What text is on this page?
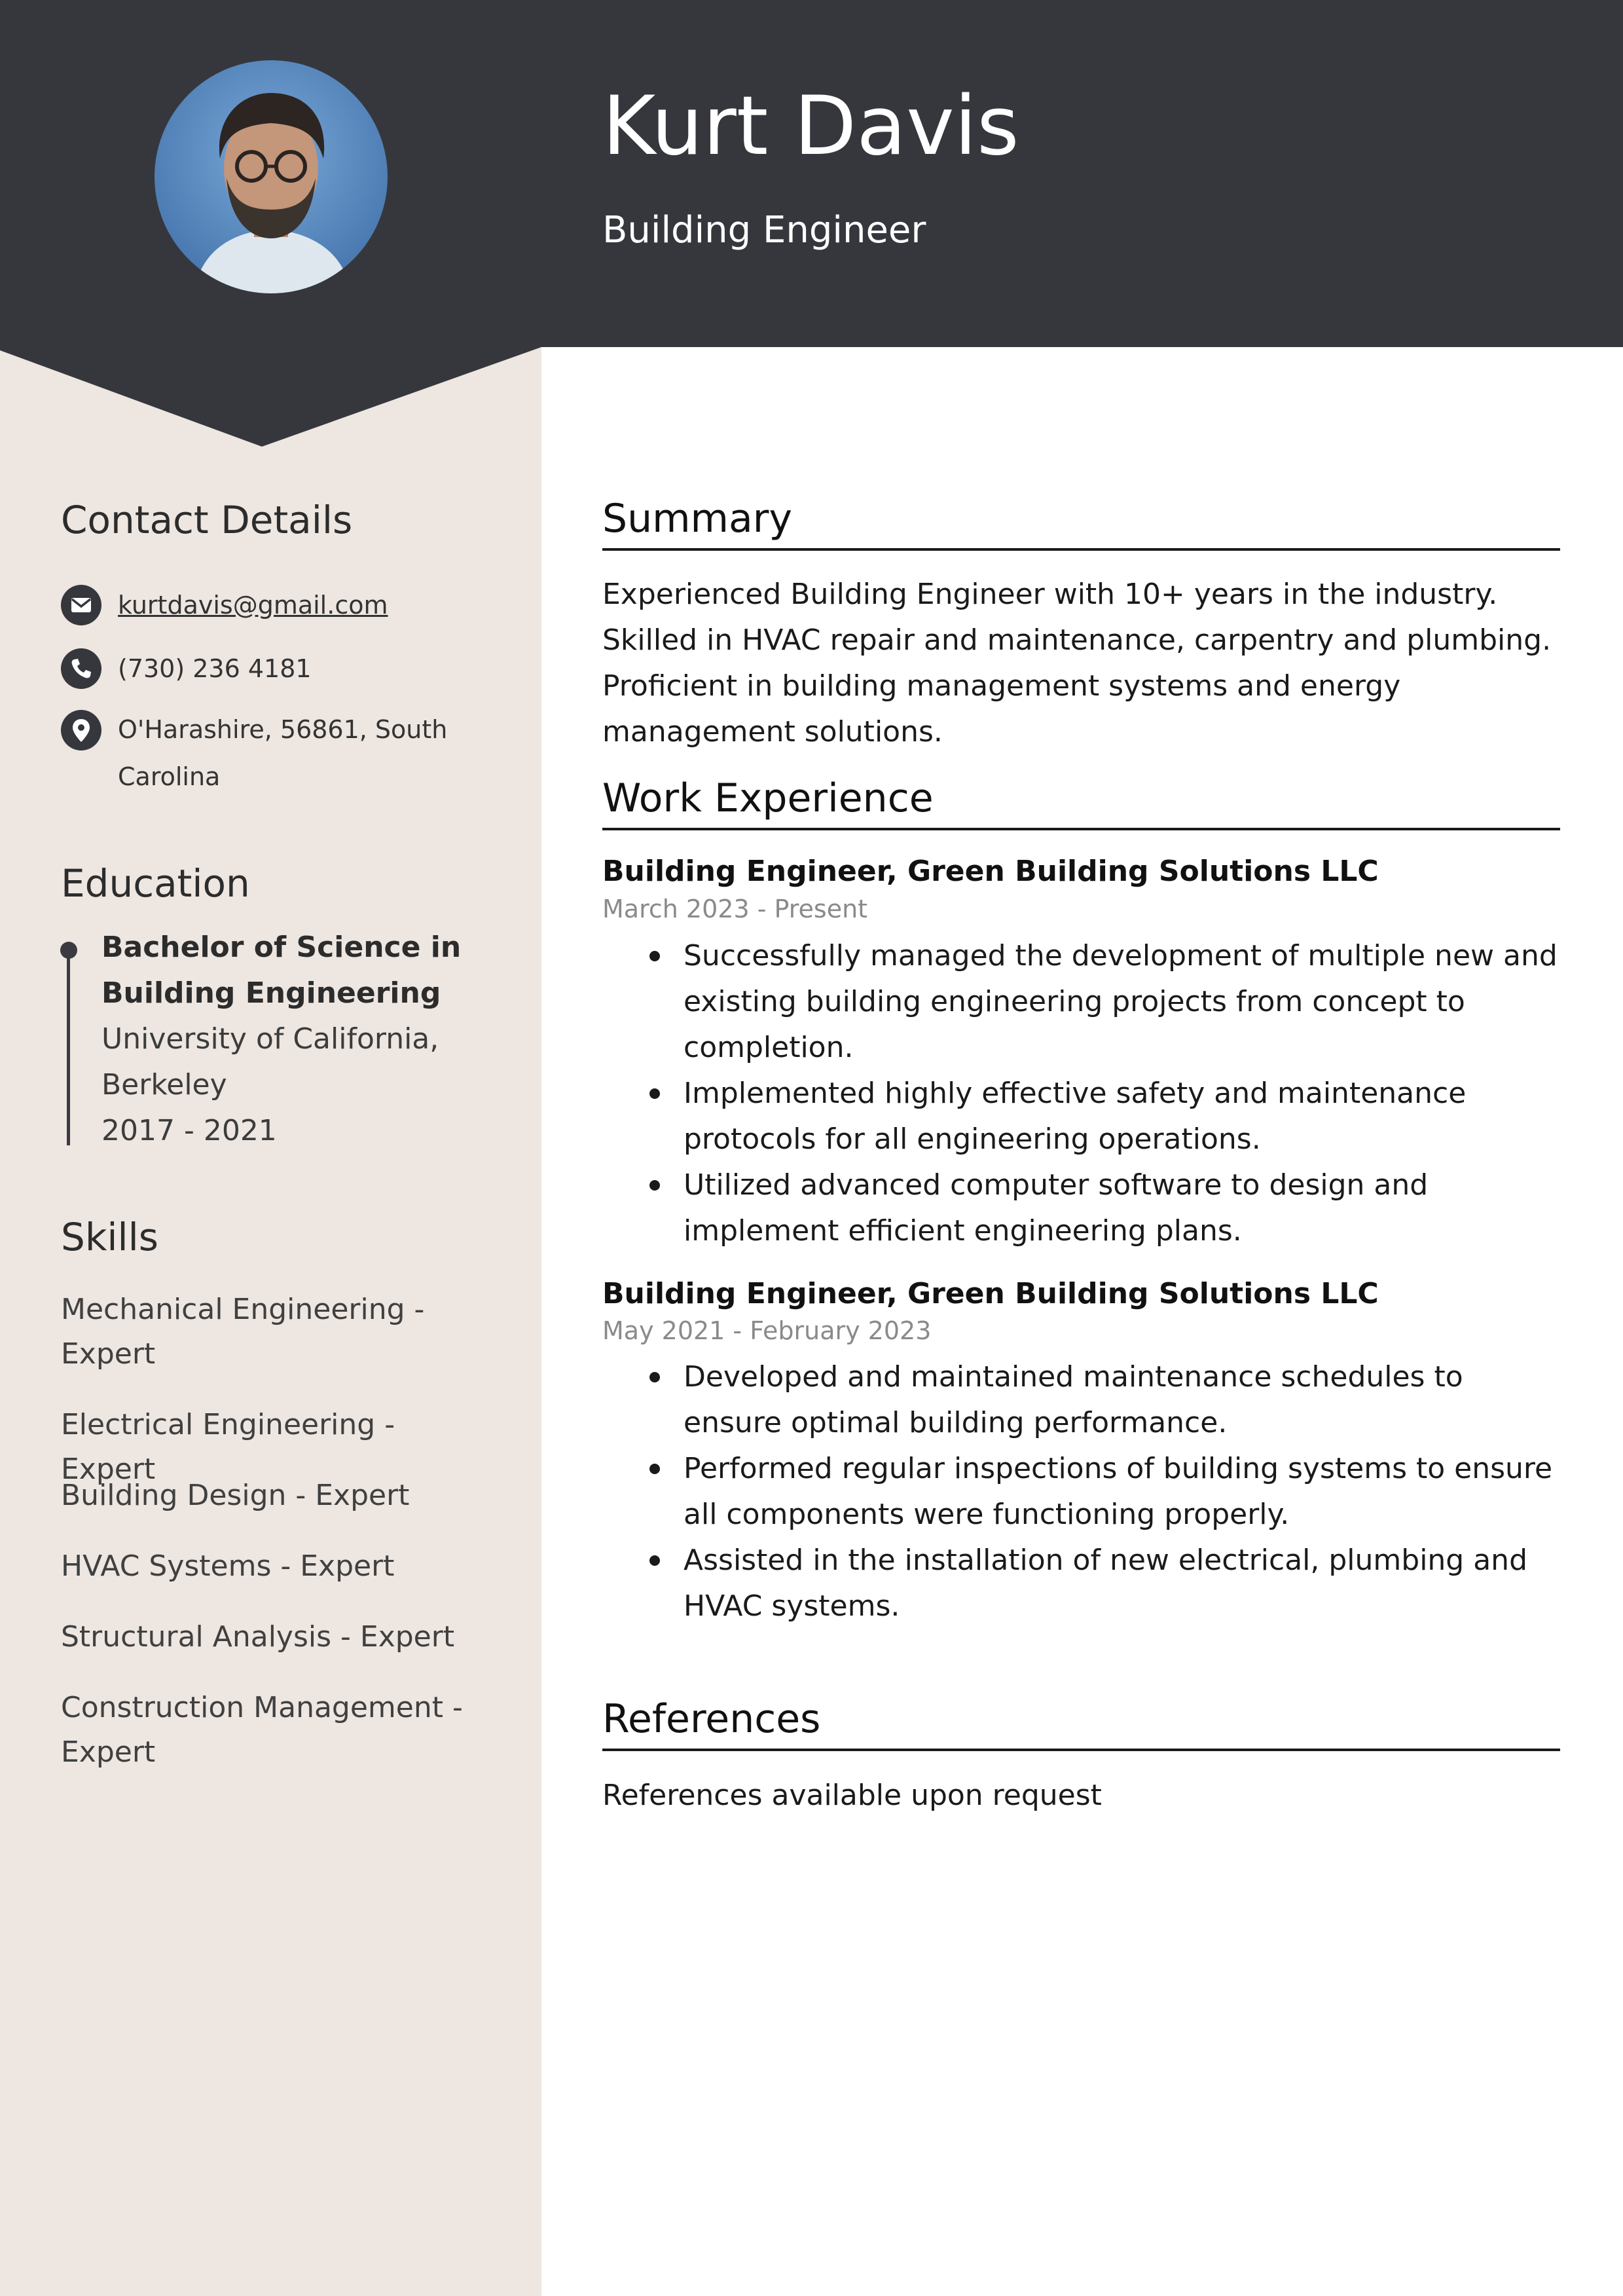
Kurt Davis
Building Engineer
Contact Details
kurtdavis@gmail.com
(730) 236 4181
O'Harashire, 56861, South
Carolina
Education
Bachelor of Science in
Building Engineering
University of California,
Berkeley
2017 - 2021
Skills
Mechanical Engineering -
Expert
Electrical Engineering - Expert
Building Design - Expert
HVAC Systems - Expert
Structural Analysis - Expert
Construction Management -
Expert
Summary
Experienced Building Engineer with 10+ years in the industry. Skilled in HVAC repair and maintenance, carpentry and plumbing. Proficient in building management systems and energy management solutions.
Work Experience
Building Engineer, Green Building Solutions LLC
March 2023 - Present
Successfully managed the development of multiple new and existing building engineering projects from concept to completion.
Implemented highly effective safety and maintenance protocols for all engineering operations.
Utilized advanced computer software to design and implement efficient engineering plans.
Building Engineer, Green Building Solutions LLC
May 2021 - February 2023
Developed and maintained maintenance schedules to ensure optimal building performance.
Performed regular inspections of building systems to ensure all components were functioning properly.
Assisted in the installation of new electrical, plumbing and HVAC systems.
References
References available upon request
